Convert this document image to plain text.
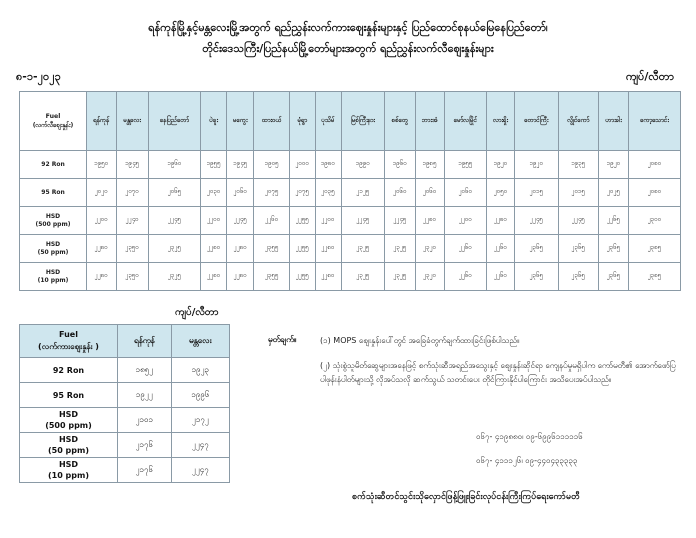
ရန်ကုန်မြို့နှင့်မန္တလေးမြို့အတွက် ရည်ညွှန်းလက်ကားဈေးနှုန်းများနှင့် ပြည်ထောင်စုနယ်မြေနေပြည်တော်၊
တိုင်းဒေသကြီး/ပြည်နယ်မြို့တော်များအတွက် ရည်ညွှန်းလက်လီဈေးနှုန်းများ
၈-၁-၂၀၂၃	ကျပ်/လီတာ
Fuel
(လက်လီဈေးနှုန်း)	ရန်ကုန်	မန္တလေး	နေပြည်တော်	ပဲခူး	မကွေး	ထားဝယ်	မုံရွာ	ပုသိမ်	မြစ်ကြီးနား	စစ်တွေ	ဘားအံ	မော်လမြိုင်	လားရှိုး	တောင်ကြီး	လွိုင်ကော်	ဟားခါး	ကော့သောင်း
92 Ron	၁၉၅၀	၁၉၄၅	၁၉၆၀	၁၉၅၅	၁၉၄၅	၁၉၀၅	၂၀၀၀	၁၉၈၀	၁၉၉၀	၁၉၆၀	၁၉၈၅	၁၉၅၅	၁၉၂၀	၁၉၂၀	၁၉၃၅	၁၉၂၀	၂၀၈၀
95 Ron	၂၀၂၀	၂၀၇၀	၂၀၆၅	၂၀၃၀	၂၀၆၀	၂၀၇၅	၂၀၇၅	၂၀၃၅	၂၁၂၅	၂၀၆၀	၂၀၆၀	၂၀၆၀	၂၀၅၀	၂၀၁၅	၂၀၁၅	၂၀၂၅	၂၀၈၀
HSD
(500 ppm)	၂၂၀၀	၂၂၄၀	၂၂၄၅	၂၂၀၀	၂၂၄၅	၂၂၆၀	၂၂၅၅	၂၂၀၀	၂၂၄၅	၂၂၄၅	၂၂၈၀	၂၂၀၀	၂၂၈၀	၂၂၄၅	၂၂၄၅	၂၂၆၅	၂၃၀၀
HSD
(50 ppm)	၂၂၈၀	၂၃၅၀	၂၃၂၅	၂၂၈၀	၂၂၈၀	၂၃၅၅	၂၂၅၅	၂၂၈၀	၂၃၂၅	၂၃၂၅	၂၃၂၀	၂၂၆၀	၂၂၆၀	၂၃၆၅	၂၃၆၅	၂၃၆၅	၂၃၈၅
HSD
(10 ppm)	၂၂၈၀	၂၃၅၀	၂၃၂၅	၂၂၈၀	၂၂၈၀	၂၃၅၅	၂၂၅၅	၂၂၈၀	၂၃၂၅	၂၃၂၅	၂၃၂၀	၂၂၆၀	၂၂၆၀	၂၃၆၅	၂၃၆၅	၂၃၆၅	၂၃၈၅
ကျပ်/လီတာ
Fuel
(လက်ကားဈေးနှုန်း )	ရန်ကုန်	မန္တလေး
92 Ron	၁၈၅၂	၁၉၂၃
95 Ron	၁၉၂၂	၁၉၉၆
HSD
(500 ppm)	၂၁၀၁	၂၁၇၂
HSD
(50 ppm)	၂၁၇၆	၂၂၄၇
HSD
(10 ppm)	၂၁၇၆	၂၂၄၇
မှတ်ချက်။	(၁) MOPS ဈေးနှုန်းပေါ်တွင် အခြေခံတွက်ချက်ထားခြင်းဖြစ်ပါသည်။
(၂) သုံးစွဲသူမိတ်ဆွေများအနေဖြင့် စက်သုံးဆီအရည်အသွေးနှင့် ဈေးနှုန်းဆိုင်ရာ ကျေနပ်မှုမရှိပါက ကော်မတီ၏ အောက်ဖော်ပြပါဖုန်းနံပါတ်များသို့ လိုအပ်သလို ဆက်သွယ် သတင်းပေး တိုင်ကြားနိုင်ပါကြောင်း အသိပေးအပ်ပါသည်။
၀၆၇- ၄၁၉၈၈၀၊ ၀၉-၆၉၉၆၁၁၁၁၁၆
၀၆၇- ၄၁၁၁၂၆၊ ၀၉-၄၄၀၄၃၃၃၃၃
စက်သုံးဆီတင်သွင်းသိုလှောင်ဖြန့်ဖြူးခြင်းလုပ်ငန်းကြီးကြပ်ရေးကော်မတီ
